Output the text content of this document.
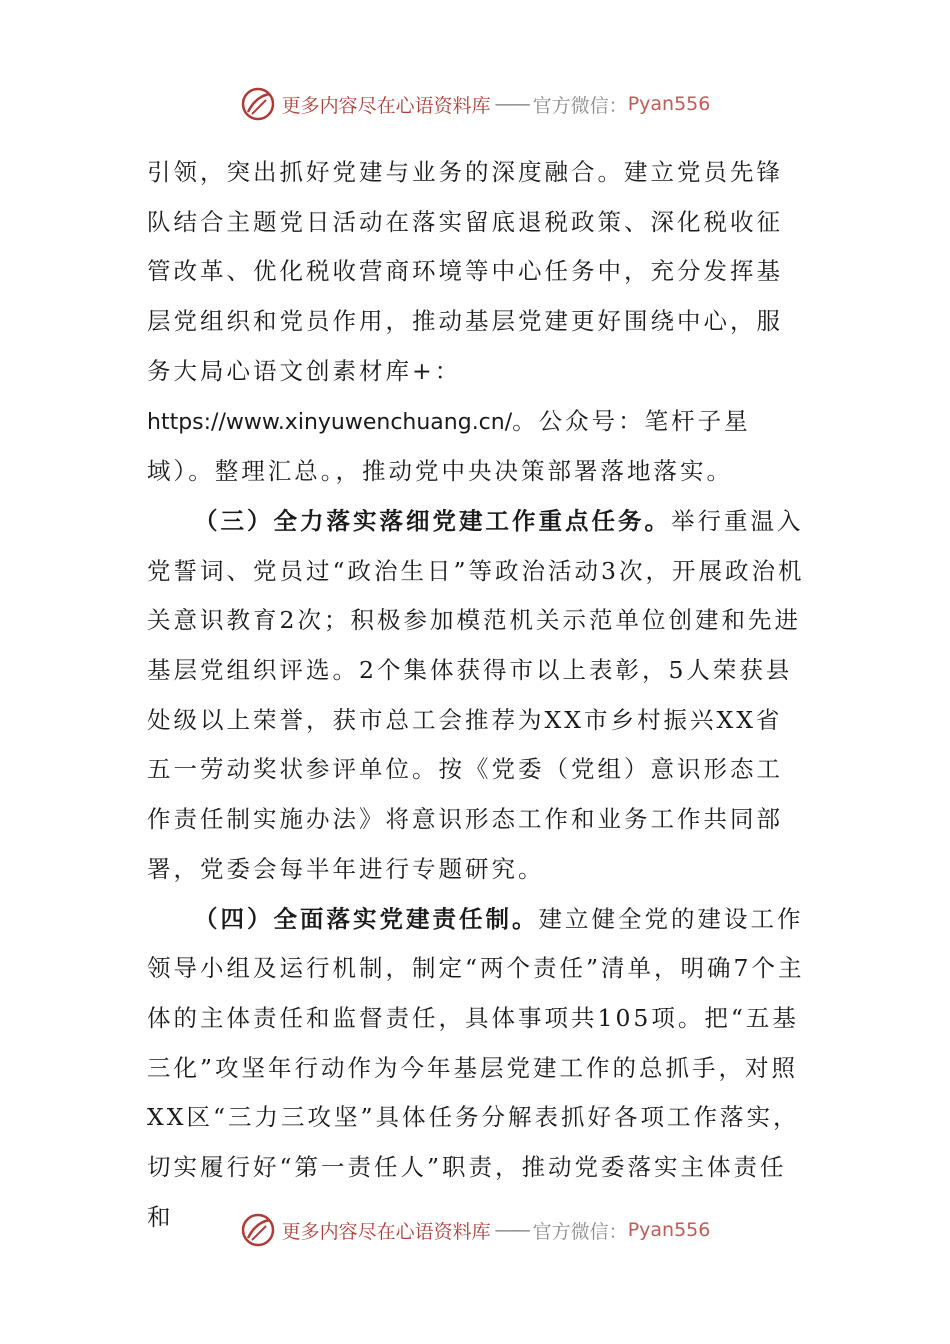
更多内容尽在心语资料库 —— 官方微信： Pyan556

引领，突出抓好党建与业务的深度融合。建立党员先锋队结合主题党日活动在落实留底退税政策、深化税收征管改革、优化税收营商环境等中心任务中，充分发挥基层党组织和党员作用，推动基层党建更好围绕中心，服务大局心语文创素材库+：https://www.xinyuwenchuang.cn/。公众号：笔杆子星域）。整理汇总。，推动党中央决策部署落地落实。

（三）全力落实落细党建工作重点任务。举行重温入党誓词、党员过“政治生日”等政治活动3次，开展政治机关意识教育2次；积极参加模范机关示范单位创建和先进基层党组织评选。2个集体获得市以上表彰，5人荣获县处级以上荣誉，获市总工会推荐为XX市乡村振兴XX省五一劳动奖状参评单位。按《党委（党组）意识形态工作责任制实施办法》将意识形态工作和业务工作共同部署，党委会每半年进行专题研究。

（四）全面落实党建责任制。建立健全党的建设工作领导小组及运行机制，制定“两个责任”清单，明确7个主体的主体责任和监督责任，具体事项共105项。把“五基三化”攻坚年行动作为今年基层党建工作的总抓手，对照XX区“三力三攻坚”具体任务分解表抓好各项工作落实，切实履行好“第一责任人”职责，推动党委落实主体责任和

更多内容尽在心语资料库 —— 官方微信： Pyan556
